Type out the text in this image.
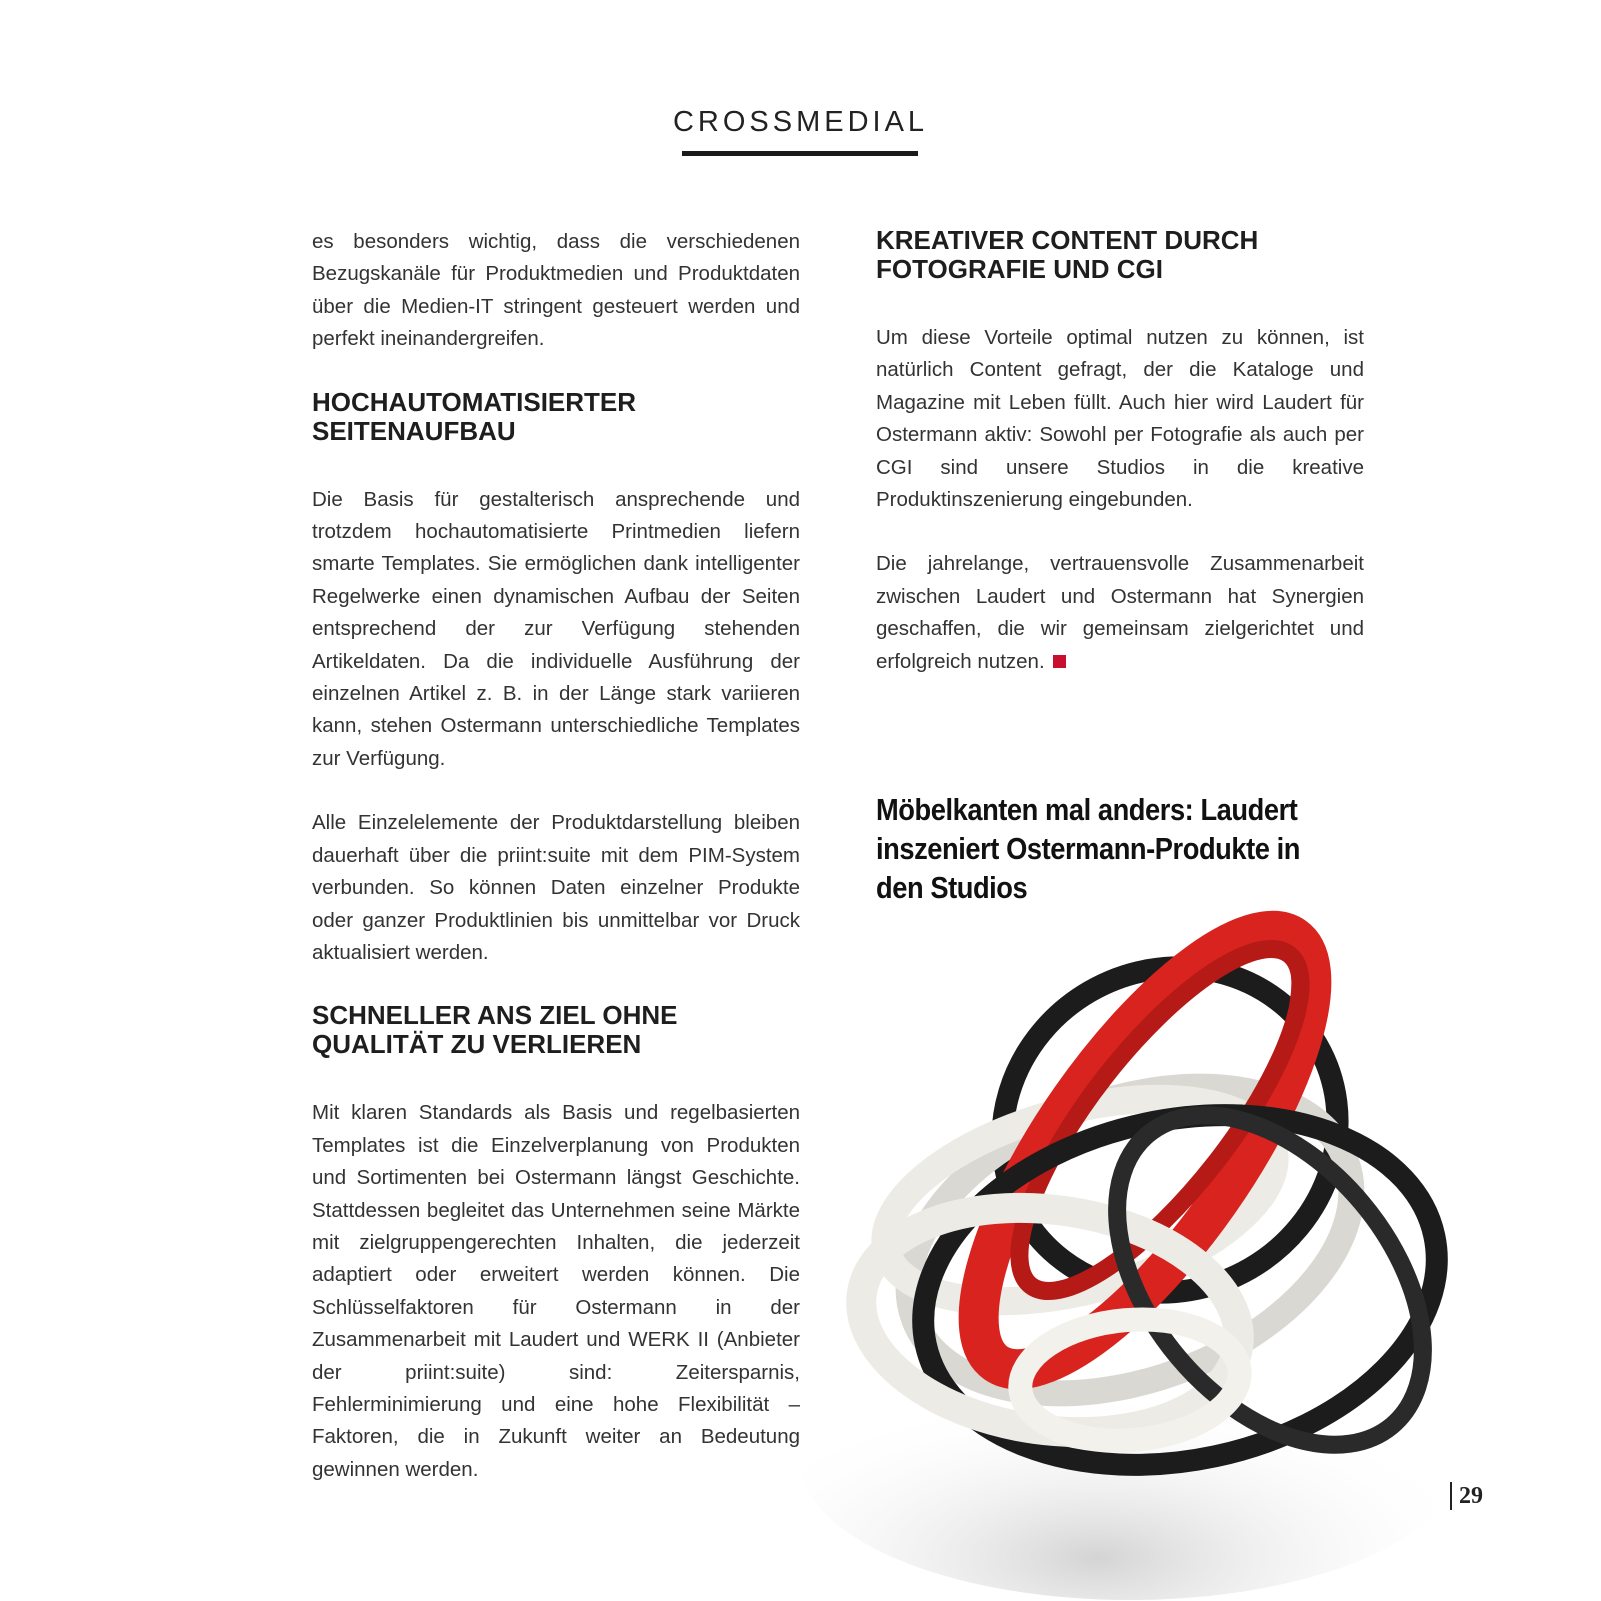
CROSSMEDIAL

es besonders wichtig, dass die verschiedenen Bezugskanäle für Produktmedien und Produktdaten über die Medien-IT stringent gesteuert werden und perfekt ineinandergreifen.

HOCHAUTOMATISIERTER SEITENAUFBAU

Die Basis für gestalterisch ansprechende und trotzdem hochautomatisierte Printmedien liefern smarte Templates. Sie ermöglichen dank intelligenter Regelwerke einen dynamischen Aufbau der Seiten entsprechend der zur Verfügung stehenden Artikeldaten. Da die individuelle Ausführung der einzelnen Artikel z. B. in der Länge stark variieren kann, stehen Ostermann unterschiedliche Templates zur Verfügung.

Alle Einzelelemente der Produktdarstellung bleiben dauerhaft über die priint:suite mit dem PIM-System verbunden. So können Daten einzelner Produkte oder ganzer Produktlinien bis unmittelbar vor Druck aktualisiert werden.

SCHNELLER ANS ZIEL OHNE QUALITÄT ZU VERLIEREN

Mit klaren Standards als Basis und regelbasierten Templates ist die Einzelverplanung von Produkten und Sortimenten bei Ostermann längst Geschichte. Stattdessen begleitet das Unternehmen seine Märkte mit zielgruppengerechten Inhalten, die jederzeit adaptiert oder erweitert werden können. Die Schlüsselfaktoren für Ostermann in der Zusammenarbeit mit Laudert und WERK II (Anbieter der priint:suite) sind: Zeitersparnis, Fehlerminimierung und eine hohe Flexibilität – Faktoren, die in Zukunft weiter an Bedeutung gewinnen werden.

KREATIVER CONTENT DURCH FOTOGRAFIE UND CGI

Um diese Vorteile optimal nutzen zu können, ist natürlich Content gefragt, der die Kataloge und Magazine mit Leben füllt. Auch hier wird Laudert für Ostermann aktiv: Sowohl per Fotografie als auch per CGI sind unsere Studios in die kreative Produktinszenierung eingebunden.

Die jahrelange, vertrauensvolle Zusammenarbeit zwischen Laudert und Ostermann hat Synergien geschaffen, die wir gemeinsam zielgerichtet und erfolgreich nutzen.

Möbelkanten mal anders: Laudert inszeniert Ostermann-Produkte in den Studios
29
